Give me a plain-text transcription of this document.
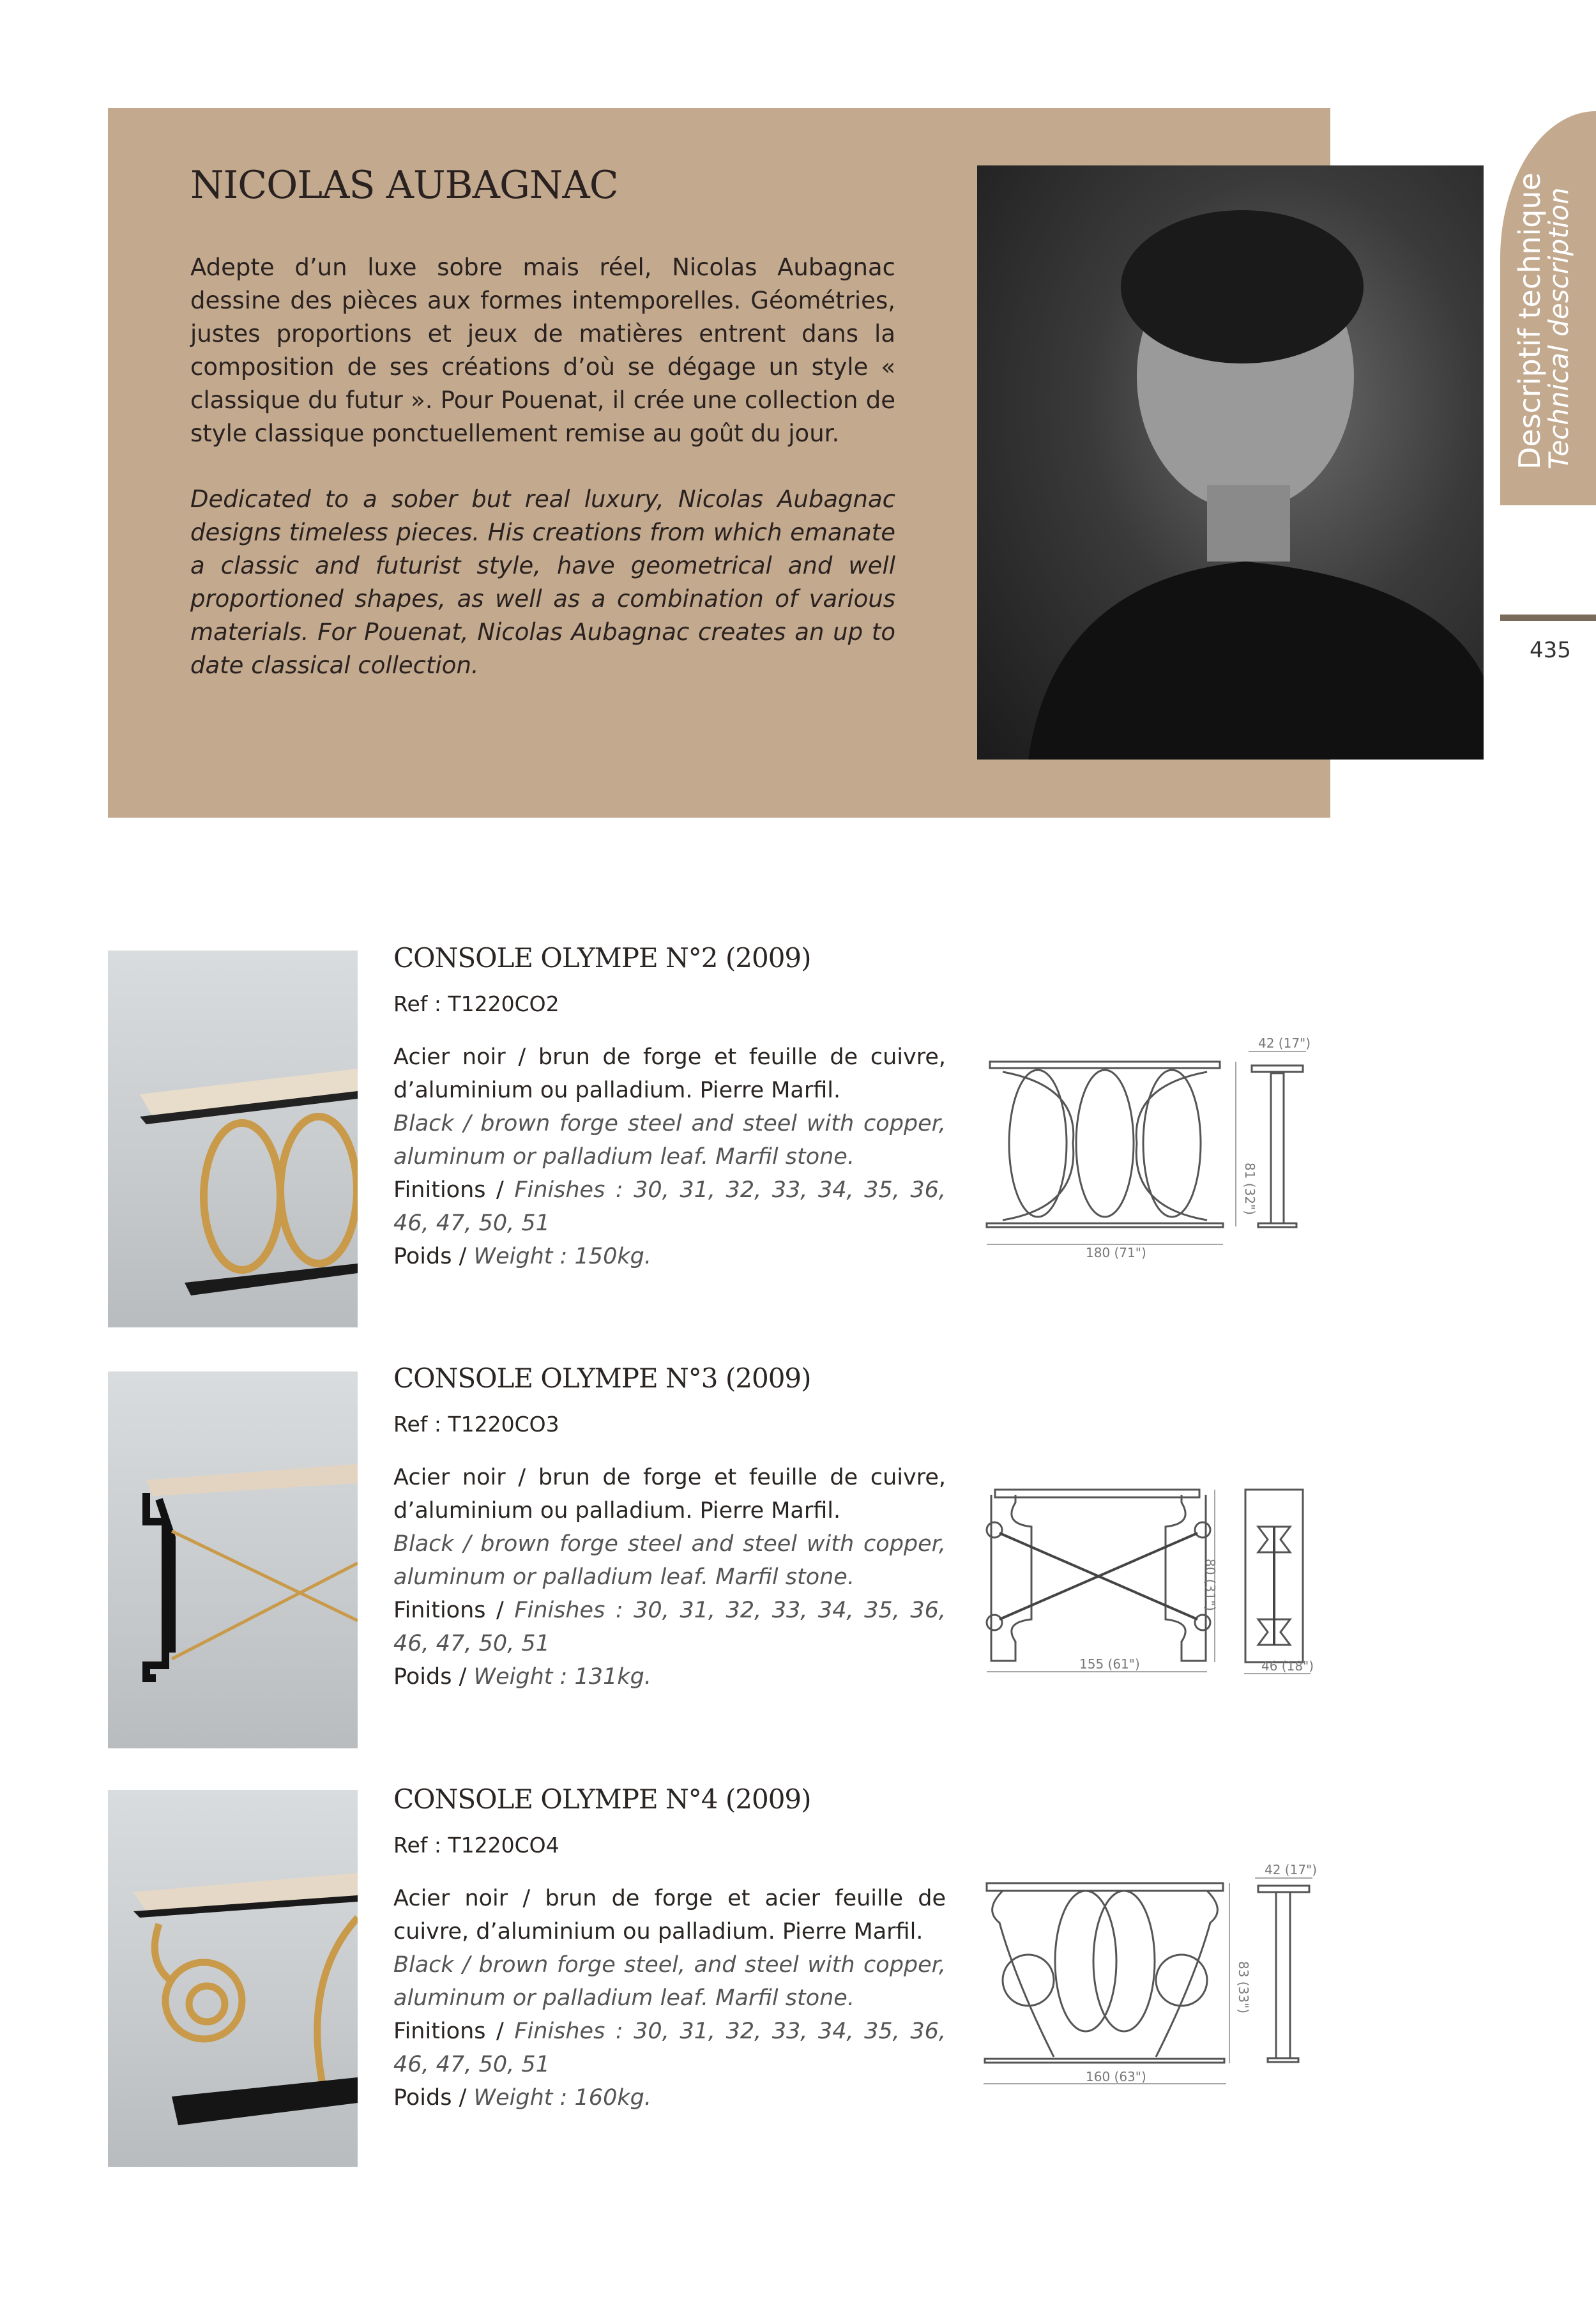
NICOLAS AUBAGNAC
Adepte d’un luxe sobre mais réel, Nicolas Aubagnac dessine des pièces aux formes intemporelles. Géométries, justes proportions et jeux de matières entrent dans la composition de ses créations d’où se dégage un style « classique du futur ». Pour Pouenat, il crée une collection de style classique ponctuellement remise au goût du jour.
Dedicated to a sober but real luxury, Nicolas Aubagnac designs timeless pieces. His creations from which emanate a classic and futurist style, have geometrical and well proportioned shapes, as well as a combination of various materials. For Pouenat, Nicolas Aubagnac creates an up to date classical collection.
Descriptif technique
Technical description
435
CONSOLE OLYMPE N°2 (2009)
Ref : T1220CO2
Acier noir / brun de forge et feuille de cuivre, d’aluminium ou palladium. Pierre Marfil.
Black / brown forge steel and steel with copper, aluminum or palladium leaf. Marfil stone.
Finitions / Finishes : 30, 31, 32, 33, 34, 35, 36, 46, 47, 50, 51
Poids / Weight : 150kg.	180 (71")
81 (32")
42 (17")
CONSOLE OLYMPE N°3 (2009)
Ref : T1220CO3
Acier noir / brun de forge et feuille de cuivre, d’aluminium ou palladium. Pierre Marfil.
Black / brown forge steel and steel with copper, aluminum or palladium leaf. Marfil stone.
Finitions / Finishes : 30, 31, 32, 33, 34, 35, 36, 46, 47, 50, 51
Poids / Weight : 131kg.	155 (61")
80 (31")
46 (18")
CONSOLE OLYMPE N°4 (2009)
Ref : T1220CO4
Acier noir / brun de forge et acier feuille de cuivre, d’aluminium ou palladium. Pierre Marfil.
Black / brown forge steel, and steel with copper, aluminum or palladium leaf. Marfil stone.
Finitions / Finishes : 30, 31, 32, 33, 34, 35, 36, 46, 47, 50, 51
Poids / Weight : 160kg.
160 (63")
83 (33")
42 (17")
